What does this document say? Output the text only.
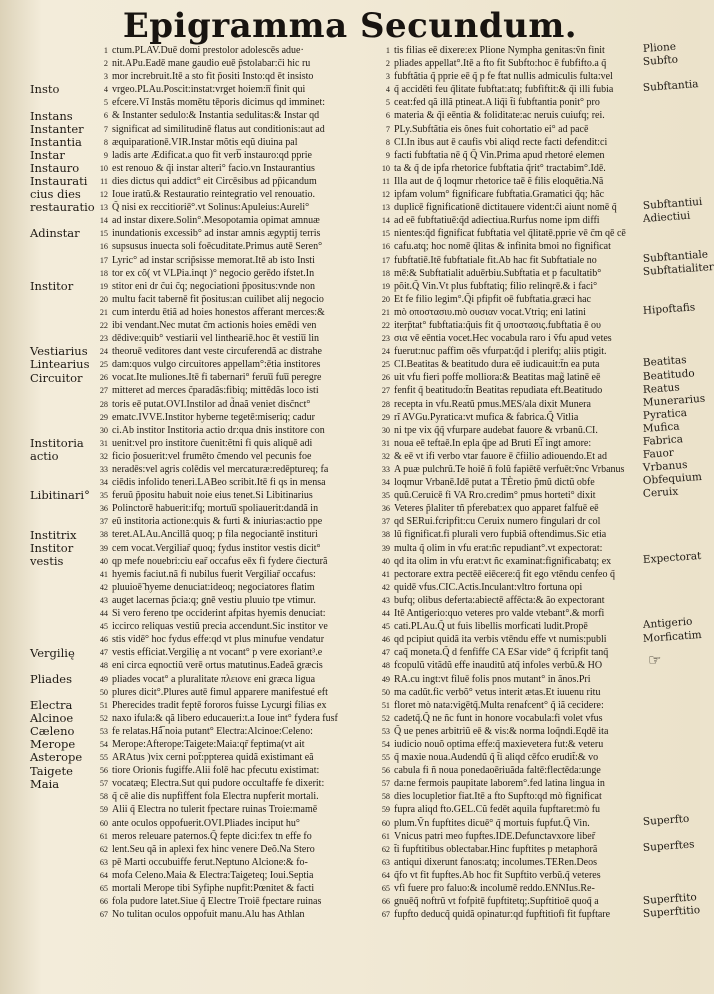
Epigramma Secundum.
Insto
Instans
Instanter
Instantia
Instar
Instauro
Instaurati
cius dies
restauratio
Adinstar
Institor
Vestiarius
Lintearius
Circuitor
Institoria
actio
Libitinari°
Institrix
Institor
vestis
Vergilię
Pliades
Electra
Alcinoe
Cæleno
Merope
Asterope
Taigete
Maia
1
2
3
4
5
6
7
8
9
10
11
12
13
14
15
16
17
18
19
20
21
22
23
24
25
26
27
28
29
30
31
32
33
34
35
36
37
38
39
40
41
42
43
44
45
46
47
48
49
50
51
52
53
54
55
56
57
58
59
60
61
62
63
64
65
66
67
ctum.PLAV.Duē domi prestolor adolescēs adue·
nit.APu.Eadē mane gaudio euē p̃stolabar:c̃i hic ru
mor increbruit.Itē a sto fit p̃ositi Insto:qd ēt insisto
vrgeo.PLAu.Poscit:instat:vrget hoiem:n̅ finit qui
efcere.Vĩ Instãs momētu tēporis dicimus qd imminet:
& Instanter sedulo:& Instantia sedulitas:& Instar qd
significat ad similitudinē flatus aut conditionis:aut ad
æquiparationē.VIR.Instar mõtis eqũ diuina pal
ladis arte Ædificat.a quo fit verb̅ instauro:qd pprie
est renouo & q̃i instar alteri° facio.vn Instaurantius
dies dictus qui addict° eit Circēsibus ad pp̃icandum
Ioue iratũ.& Restauratio reintegratio vel renouatio.
Q̃ nisi ex reccitioriē°.vt Solinus:Apuleius:Aureli°
ad instar dixere.Solin°.Mesopotamia opimat amnuæ
inundationis excessib° ad instar amnis ægyptij terris
supsusus inuecta soli foēcuditate.Primus autē Seren°
Lyric° ad instar scrip̃sisse memorat.Itē ab isto Insti
tor ex cõ( vt VLPia.inqt )° negocio gerēdo ifstet.In
stitor eni dr c̃ui c̃q; negociationi p̃positus:vnde non
multu facit tabernē fit p̃ositus:an cuilibet alij negocio
cum interdu ētiã ad hoies honestos afferant merces:&
ibi vendant.Nec mutat c̃m actionis hoies emēdi ven
dēdive:quib° vestiarii vel lintheariē.hoc ēt vestiu̅ lin
theoruē veditores dant veste circuferendã ac distrahe
dam:quos vulgo circuitores appellam°:ētia institores
vocat.Ite muliones.Itē fi tabernari° feruu̅ fuu̅ peregre
mitteret ad merces c̃paradãs:fibiq; mittēdãs loco isti
toris eē putat.OVI.Instilor ad d̃naã veniet disc̃nct°
ematc.IVVE.Institor hyberne tegetē:miseriq; cadur
ci.Ab institor Institoria actio dr:qua dnis institore con
uenit:vel pro institore c̃uenit:ẽtni fi quis aliquē adi
ficio p̃osuerit:vel frumēto c̃mendo vel pecunis foe
neradēs:vel agris colēdis vel mercaturæ:redēptureq; fa
ciēdis infolido teneri.LABeo scribit.Itē fi qs in mensa
feruũ p̃positu habuit noie eius tenet.Si Libitinarius
Polinctorē habuerit:ifq; mortuu̅ spoliauerit:dandã in
eũ institoria actione:quis & furti & iniurias:actio ppe
teret.ALAu.Ancillã quoq; p fila negociantē instituri
cem vocat.Vergiliar̃ quoq; fydus institor vestis dicit°
qp mefe nouebri:ciu ear̃ occafus eēx fi fydere c̃iecturã
hyemis faciut.nã fi nubilus fuerit Vergiliar̃ occafus:
pluuioē̃ hyeme denuciat:ideoq; negociatores flatim
auget lacernas p̃cia:q; gnē vestiu pluuio tpe vtimur.
Si vero fereno tpe occiderint afpitas hyemis denuciat:
iccirco reliquas vestiũ precia accendunt.Sic institor ve
stis vidē° hoc fydus effe:qd vt plus minufue vendatur
vestis efficiat.Vergilię a nt vocant° p vere exoriant³.e
eni circa eqnoctiũ verē ortus matutinus.Eadeã græcis
pliades vocat° a pluralitate πλειονε eni græca ligua
plures dicit°.Plures autē fimul apparere manifestué eft
Pherecides tradit feptē fororos fuisse Lycurgi filias ex
naxo ifula:& qã libero educaueri:t.a Ioue int° fydera fusf
fe relatas.Hã̅ noia putant° Electra:Alcinoe:Celeno:
Merope:Afterope:Taigete:Maia:qr̃ feptima(vt ait
ARAtus )vix cerni pot̃:ppterea quidã existimant eã
tiore Orionis fugiffe.Alii folē hac pfecutu existimat:
vocatæq; Electra.Sut qui pudore occultaffe fe dixerit:
q̃ cē alie dis nupfiffent fola Electra nupferit mortali.
Alii q̃ Electra no tulerit fpectare ruinas Troie:mamē
ante oculos oppofuerit.OVI.Pliades inciput hu°
meros releuare paternos.Q̃ fepte dici:fex tn effe fo
lent.Seu qã in aplexi fex hinc venere Deõ.Na Stero
pē Marti occubuiffe ferut.Neptuno Alcione:& fo-
mofa Celeno.Maia & Electra:Taigeteq; Ioui.Septia
mortali Merope tibi Syfiphe nupfit:Pœnitet & facti
fola pudore latet.Siue q̃ Electre Troiē fpectare ruinas
No tulitan oculos oppofuit manu.Alu has Athlan
1
2
3
4
5
6
7
8
9
10
11
12
13
14
15
16
17
18
19
20
21
22
23
24
25
26
27
28
29
30
31
32
33
34
35
36
37
38
39
40
41
42
43
44
45
46
47
48
49
50
51
52
53
54
55
56
57
58
59
60
61
62
63
64
65
66
67
tis filias eē dixere:ex Plione Nympha genitas:ṽn finit
pliades appellat°.Itē a fto fit Subfto:hoc ē fubfifto.a q̃
fubftãtia q̃ pprie eē q̃ p fe ftat nullis admiculis fulta:vel
q̃ accidēti feu q̃litate fubftat:atq; fubfiftit:& q̃i illi fubia
ceat:fed qã illã ptineat.A liq̃i t̃i fubftantia ponit° pro
materia & q̃i eēntia & foliditate:ac neruis cuiufq; rei.
PLy.Subftãtia eis õnes fuit cohortatio ei° ad pacē
CI.In ibus aut ē caufis vbi aliqd recte facti defendit:ci
facti fubftatia nē q̃ Q̃ Vin.Prima apud rhetoré elemen
ta & q̃ de ipfa rhetorice fubftatia q̃rit° tractabim°.Idē.
Illa aut de q̃ loqmur rhetorice taē ẽ filis eloquētia.Nã
ipfam volum° fignificare fubftatia.Gramatici q̃q; hãc
duplicē fignificationē dictitauere vident:c̃i aiunt nomē q̃
ad eē fubftatiuē:q̃d adiectiua.Rurfus nome ipm diffi
nientes:q̃d fignificat fubftatia vel q̃litatē.pprie vē c̃m qē cē
cafu.atq; hoc nomē q̃litas & infinita bmoi no fignificat
fubftatiē.Itē fubftatiale fit.Ab hac fit Subftatiale no
mē:& Subftatialit aduērbiu.Subftatia et p facultatib°
põit.Q̃ Vin.Vt plus fubftatiq; filio relinqrē.& i faci°
Et fe filio legim°.Q̃i pfipfit oē fubftatia.græci hac
mò οποστασιυ.mò ουσιαν vocat.Vtriq; eni latini
iterp̃tat° fubftatia:q̃uis fit q̃ υποστασις.fubftatia ē ου
σια vē eēntia vocet.Hec vocabula raro i ṽfu apud vetes
fuerut:nuc paffim oēs vfurpat:q̃d i plerifq; aliis ptigit.
CI.Beatitas & beatitudo dura eē iudicauit:t̃n ea puta
uit vfu fieri poffe molliora:& Beatitas mag̃ latinē eē
fenfit q̃ beatitudo:t̃n Beatitas repudiata eft.Beatitudo
recepta in vfu.Reatũ pmus.MES/ala dixit Munera
rĩ AVGu.Pyratica:vt mufica & fabrica.Q̃ Vitlia
ni tpe vix q̃q̃ vfurpare audebat fauore & vrbanũ.CI.
noua eē teftaē.In epla q̃pe ad Bruti Ei̅ ingt amore:
& eē vt ifi verbo vtar fauore ē c̃fiilio adiouendo.Et ad
A puæ pulchrũ.Te hoiẽ ñ folũ fapiētē verfuēt:ṽnc Vrbanus
loqmur Vrbanē.Idē putat a TÈretio p̃mũ dictũ obfe
quũ.Ceruicē fi VA Rro.credim° pmus horteti° dixit
Veteres p̃laliter tñ pferebat:ex quo apparet falfuē eē
qd SERui.fcripfit:cu Ceruix numero fingulari dr col
lũ fignificat.fi plurali vero fupbiã oftendimus.Sic etia
multa q̃ olim in vfu erat:ñc repudiant°.vt expectorat:
qd ita olim in vfu erat:vt ñc examinat:fignificabatq; ex
pectorare extra pectēē eiēcere:q̃ fit ego vtēndu cenfeo q̃
quidē vfus.CIC.Actis.Inculant:vltro fortuna opi
bufq; olibus deferta:abiectē affēcta:& ão expectorant
Itē Antigerio:quo veteres pro valde vtebant°.& morfi
cati.PLAu.Q̃ ut fuis libellis morficati ludit.Propē
qd pcipiut quidã ita verbis vtēndu effe vt numis:publi
caq̃ moneta.Q̃ d fenfiffe CA ESar vide° q̃ fcripfit tanq̃
fcopulũ vitãdũ effe inauditũ atq̃ infoles verbũ.& HO
RA.cu ingt:vt filuē folis pnos mutant° in ãnos.Pri
ma cadũt.fic verbõ° vetus interit ætas.Et iuuenu ritu
floret mò nata:vigētq̃.Multa renafcent° q̃ iã cecidere:
cadetq̃.Q̃ ne ñc funt in honore vocabula:fi volet vfus
Q̃ ue penes arbitriũ eē & vis:& norma loq̃ndi.Eqdē ita
iudicio nouõ optima effe:q̃ maxievetera fut:& veteru
q̃ maxie noua.Audendũ q̃ t̃i aliqd cēfco erudit̃:& vo
cabula fi ñ noua ponedaoēriuãda faltē:flectēda:unge
da:ne fermois paupitate laborem°.fed latina lingua in
dies locupletior fiat.Itē a fto Supfto:qd mò fignificat
fupra aliqd fto.GEL.Cũ fedēt aquila fupftaret:mò fu
plum.Ṽn fupftites dicuē° q̃ mortuis fupfut.Q̃ Vin.
Vnicus patri meo fupftes.IDE.Defunctavxore liber̃
t̃i fupftitibus oblectabar.Hinc fupftites p metaphorã
antiqui dixerunt fanos:atq; incolumes.TERen.Deos
q̃fo vt fit fupftes.Ab hoc fit Supftito verbũ.q̃ veteres
vfi fuere pro faluo:& incolumē reddo.ENNIus.Re-
gnuēq̃ noftrũ vt fofpitē fupftitetq;.Supftitioē quoq̃ a
fupfto deducq̃ quidã opinatur:qd fupftitiofi fit fupftare
Plione
Subfto
Subftantia
Subftantiui
Adiectiui
Subftantiale
Subftatialiter
Hipoftafis
Beatitas
Beatitudo
Reatus
Munerarius
Pyratica
Mufica
Fabrica
Fauor
Vrbanus
Obfequium
Ceruix
Expectorat
Antigerio
Morficatim
Superfto
Superftes
Superftito
Superftitio
☞
